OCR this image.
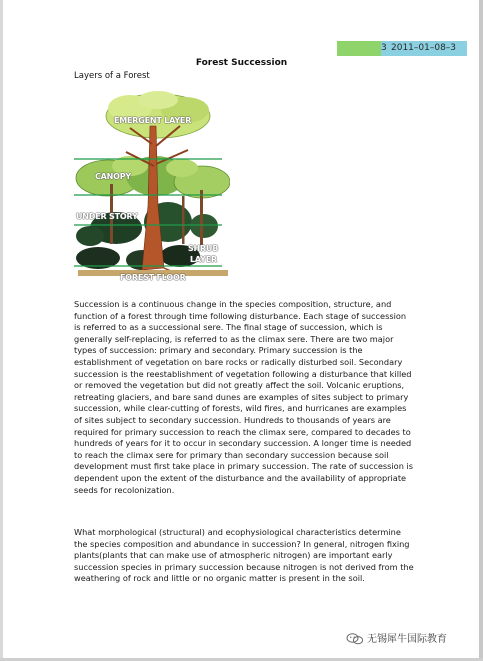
3 2011–01–08–3
Forest Succession
Layers of a Forest
EMERGENT LAYER
CANOPY
UNDER STORY
SHRUB
LAYER
FOREST FLOOR

Succession is a continuous change in the species composition, structure, and function of a forest through time following disturbance. Each stage of succession is referred to as a successional sere. The final stage of succession, which is generally self-replacing, is referred to as the climax sere. There are two major types of succession: primary and secondary. Primary succession is the establishment of vegetation on bare rocks or radically disturbed soil. Secondary succession is the reestablishment of vegetation following a disturbance that killed or removed the vegetation but did not greatly affect the soil. Volcanic eruptions, retreating glaciers, and bare sand dunes are examples of sites subject to primary succession, while clear-cutting of forests, wild fires, and hurricanes are examples of sites subject to secondary succession. Hundreds to thousands of years are required for primary succession to reach the climax sere, compared to decades to hundreds of years for it to occur in secondary succession. A longer time is needed to reach the climax sere for primary than secondary succession because soil development must first take place in primary succession. The rate of succession is dependent upon the extent of the disturbance and the availability of appropriate seeds for recolonization.

What morphological (structural) and ecophysiological characteristics determine the species composition and abundance in succession? In general, nitrogen fixing plants(plants that can make use of atmospheric nitrogen) are important early succession species in primary succession because nitrogen is not derived from the weathering of rock and little or no organic matter is present in the soil.

无锡犀牛国际教育
